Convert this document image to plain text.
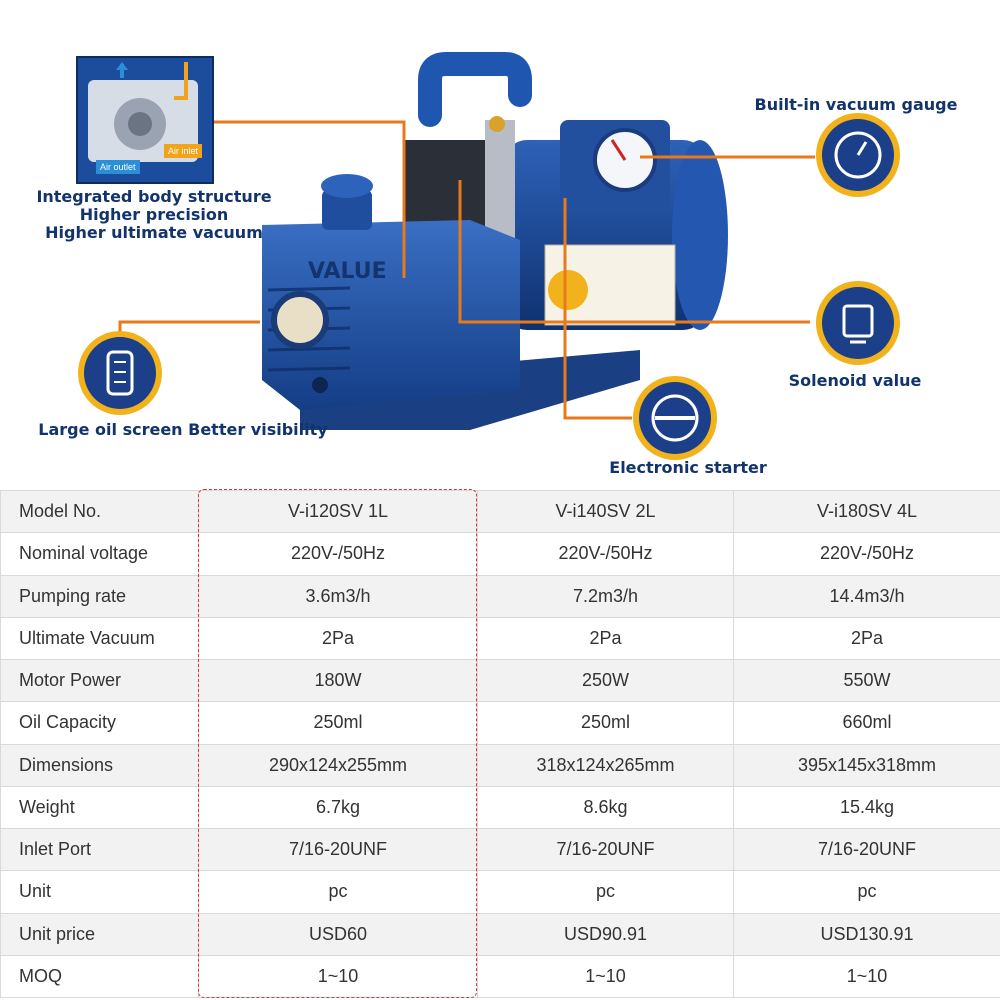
VALUE
Air outlet
Air inlet
Integrated body structure
Higher precision
Higher ultimate vacuum
Built-in vacuum gauge
Solenoid value
Large oil screen Better visibility
Electronic starter
Model No.	V-i120SV 1L	V-i140SV 2L	V-i180SV 4L
Nominal voltage	220V-/50Hz	220V-/50Hz	220V-/50Hz
Pumping rate	3.6m3/h	7.2m3/h	14.4m3/h
Ultimate Vacuum	2Pa	2Pa	2Pa
Motor Power	180W	250W	550W
Oil Capacity	250ml	250ml	660ml
Dimensions	290x124x255mm	318x124x265mm	395x145x318mm
Weight	6.7kg	8.6kg	15.4kg
Inlet Port	7/16-20UNF	7/16-20UNF	7/16-20UNF
Unit	pc	pc	pc
Unit price	USD60	USD90.91	USD130.91
MOQ	1~10	1~10	1~10
